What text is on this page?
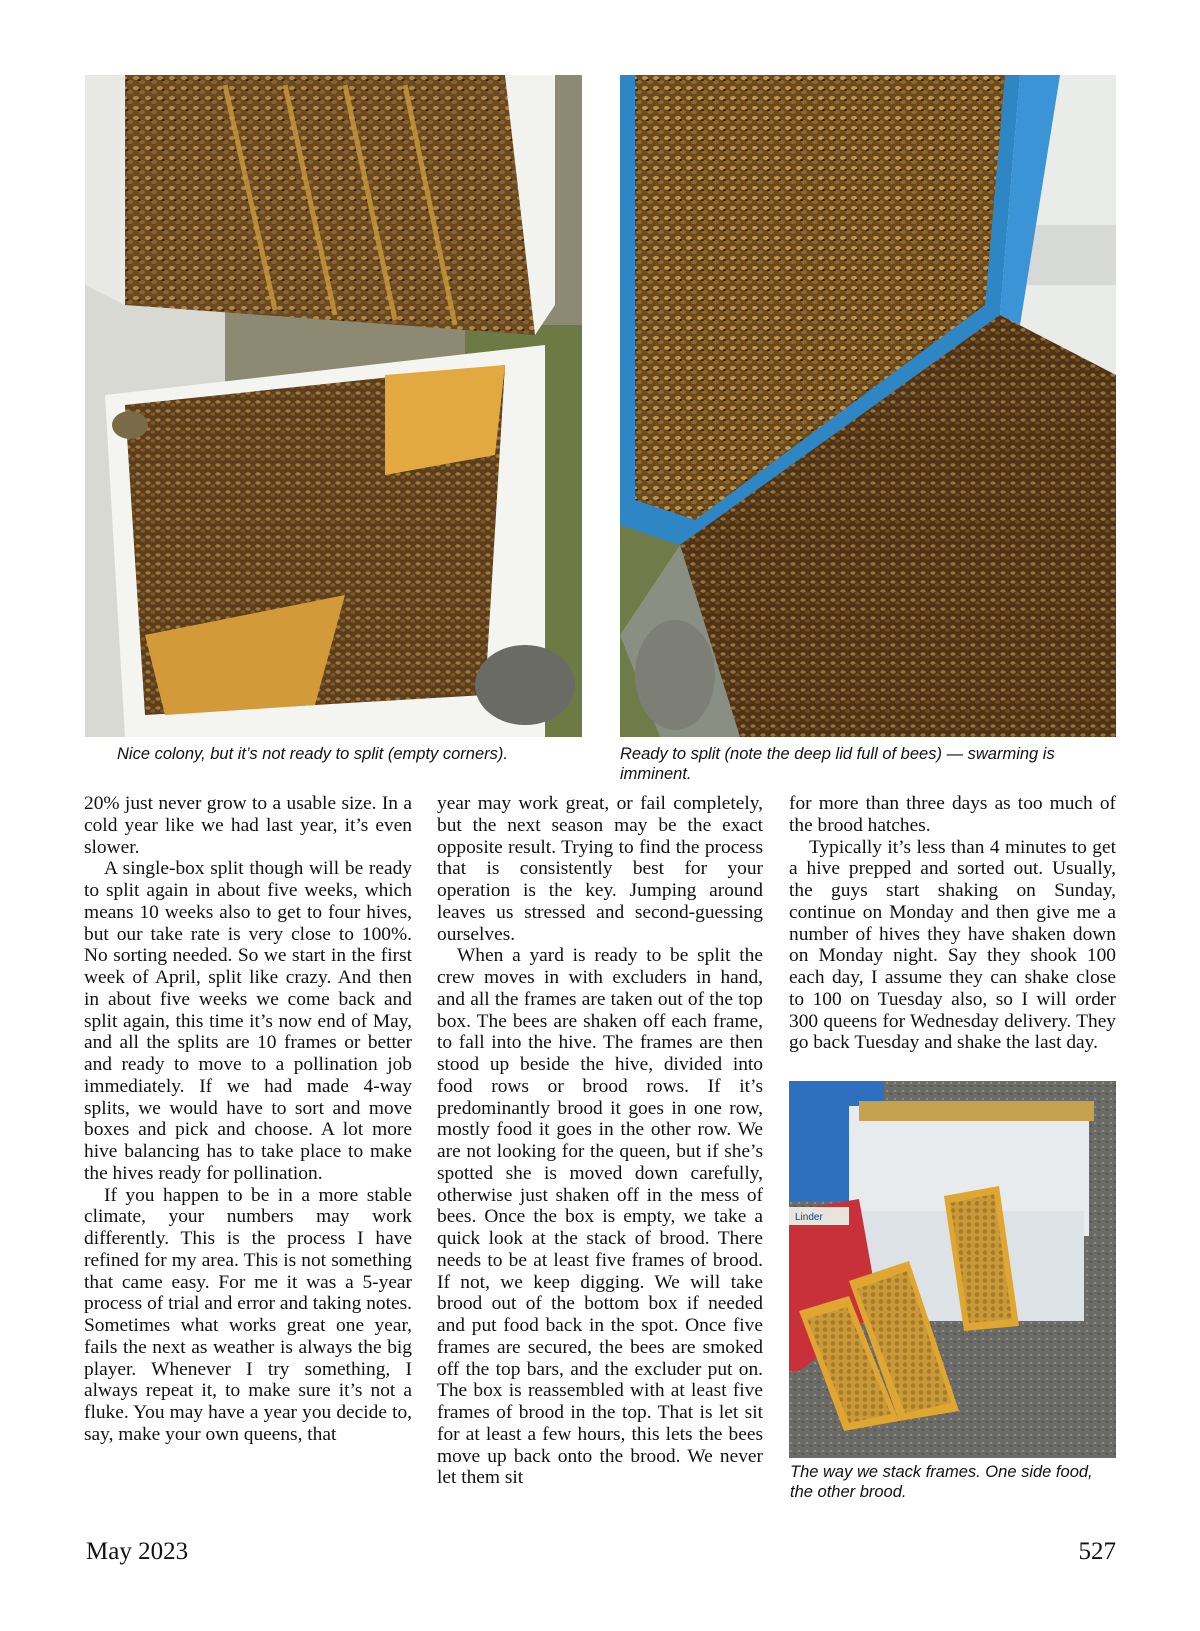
Nice colony, but it’s not ready to split (empty corners).	Ready to split (note the deep lid full of bees) — swarming is imminent.

20% just never grow to a usable size. In a cold year like we had last year, it’s even slower.

A single-box split though will be ready to split again in about five weeks, which means 10 weeks also to get to four hives, but our take rate is very close to 100%. No sorting needed. So we start in the first week of April, split like crazy. And then in about five weeks we come back and split again, this time it’s now end of May, and all the splits are 10 frames or better and ready to move to a pollination job immediately. If we had made 4-way splits, we would have to sort and move boxes and pick and choose. A lot more hive balancing has to take place to make the hives ready for pollination.

If you happen to be in a more stable climate, your numbers may work differently. This is the process I have refined for my area. This is not something that came easy. For me it was a 5-year process of trial and error and taking notes. Sometimes what works great one year, fails the next as weather is always the big player. Whenever I try something, I always repeat it, to make sure it’s not a fluke. You may have a year you decide to, say, make your own queens, that

year may work great, or fail completely, but the next season may be the exact opposite result. Trying to find the process that is consistently best for your operation is the key. Jumping around leaves us stressed and second-guessing ourselves.

When a yard is ready to be split the crew moves in with excluders in hand, and all the frames are taken out of the top box. The bees are shaken off each frame, to fall into the hive. The frames are then stood up beside the hive, divided into food rows or brood rows. If it’s predominantly brood it goes in one row, mostly food it goes in the other row. We are not looking for the queen, but if she’s spotted she is moved down carefully, otherwise just shaken off in the mess of bees. Once the box is empty, we take a quick look at the stack of brood. There needs to be at least five frames of brood. If not, we keep digging. We will take brood out of the bottom box if needed and put food back in the spot. Once five frames are secured, the bees are smoked off the top bars, and the excluder put on. The box is reassembled with at least five frames of brood in the top. That is let sit for at least a few hours, this lets the bees move up back onto the brood. We never let them sit

for more than three days as too much of the brood hatches.

Typically it’s less than 4 minutes to get a hive prepped and sorted out. Usually, the guys start shaking on Sunday, continue on Monday and then give me a number of hives they have shaken down on Monday night. Say they shook 100 each day, I assume they can shake close to 100 on Tuesday also, so I will order 300 queens for Wednesday delivery. They go back Tuesday and shake the last day.

Linder
The way we stack frames. One side food, the other brood.
May 2023	527
